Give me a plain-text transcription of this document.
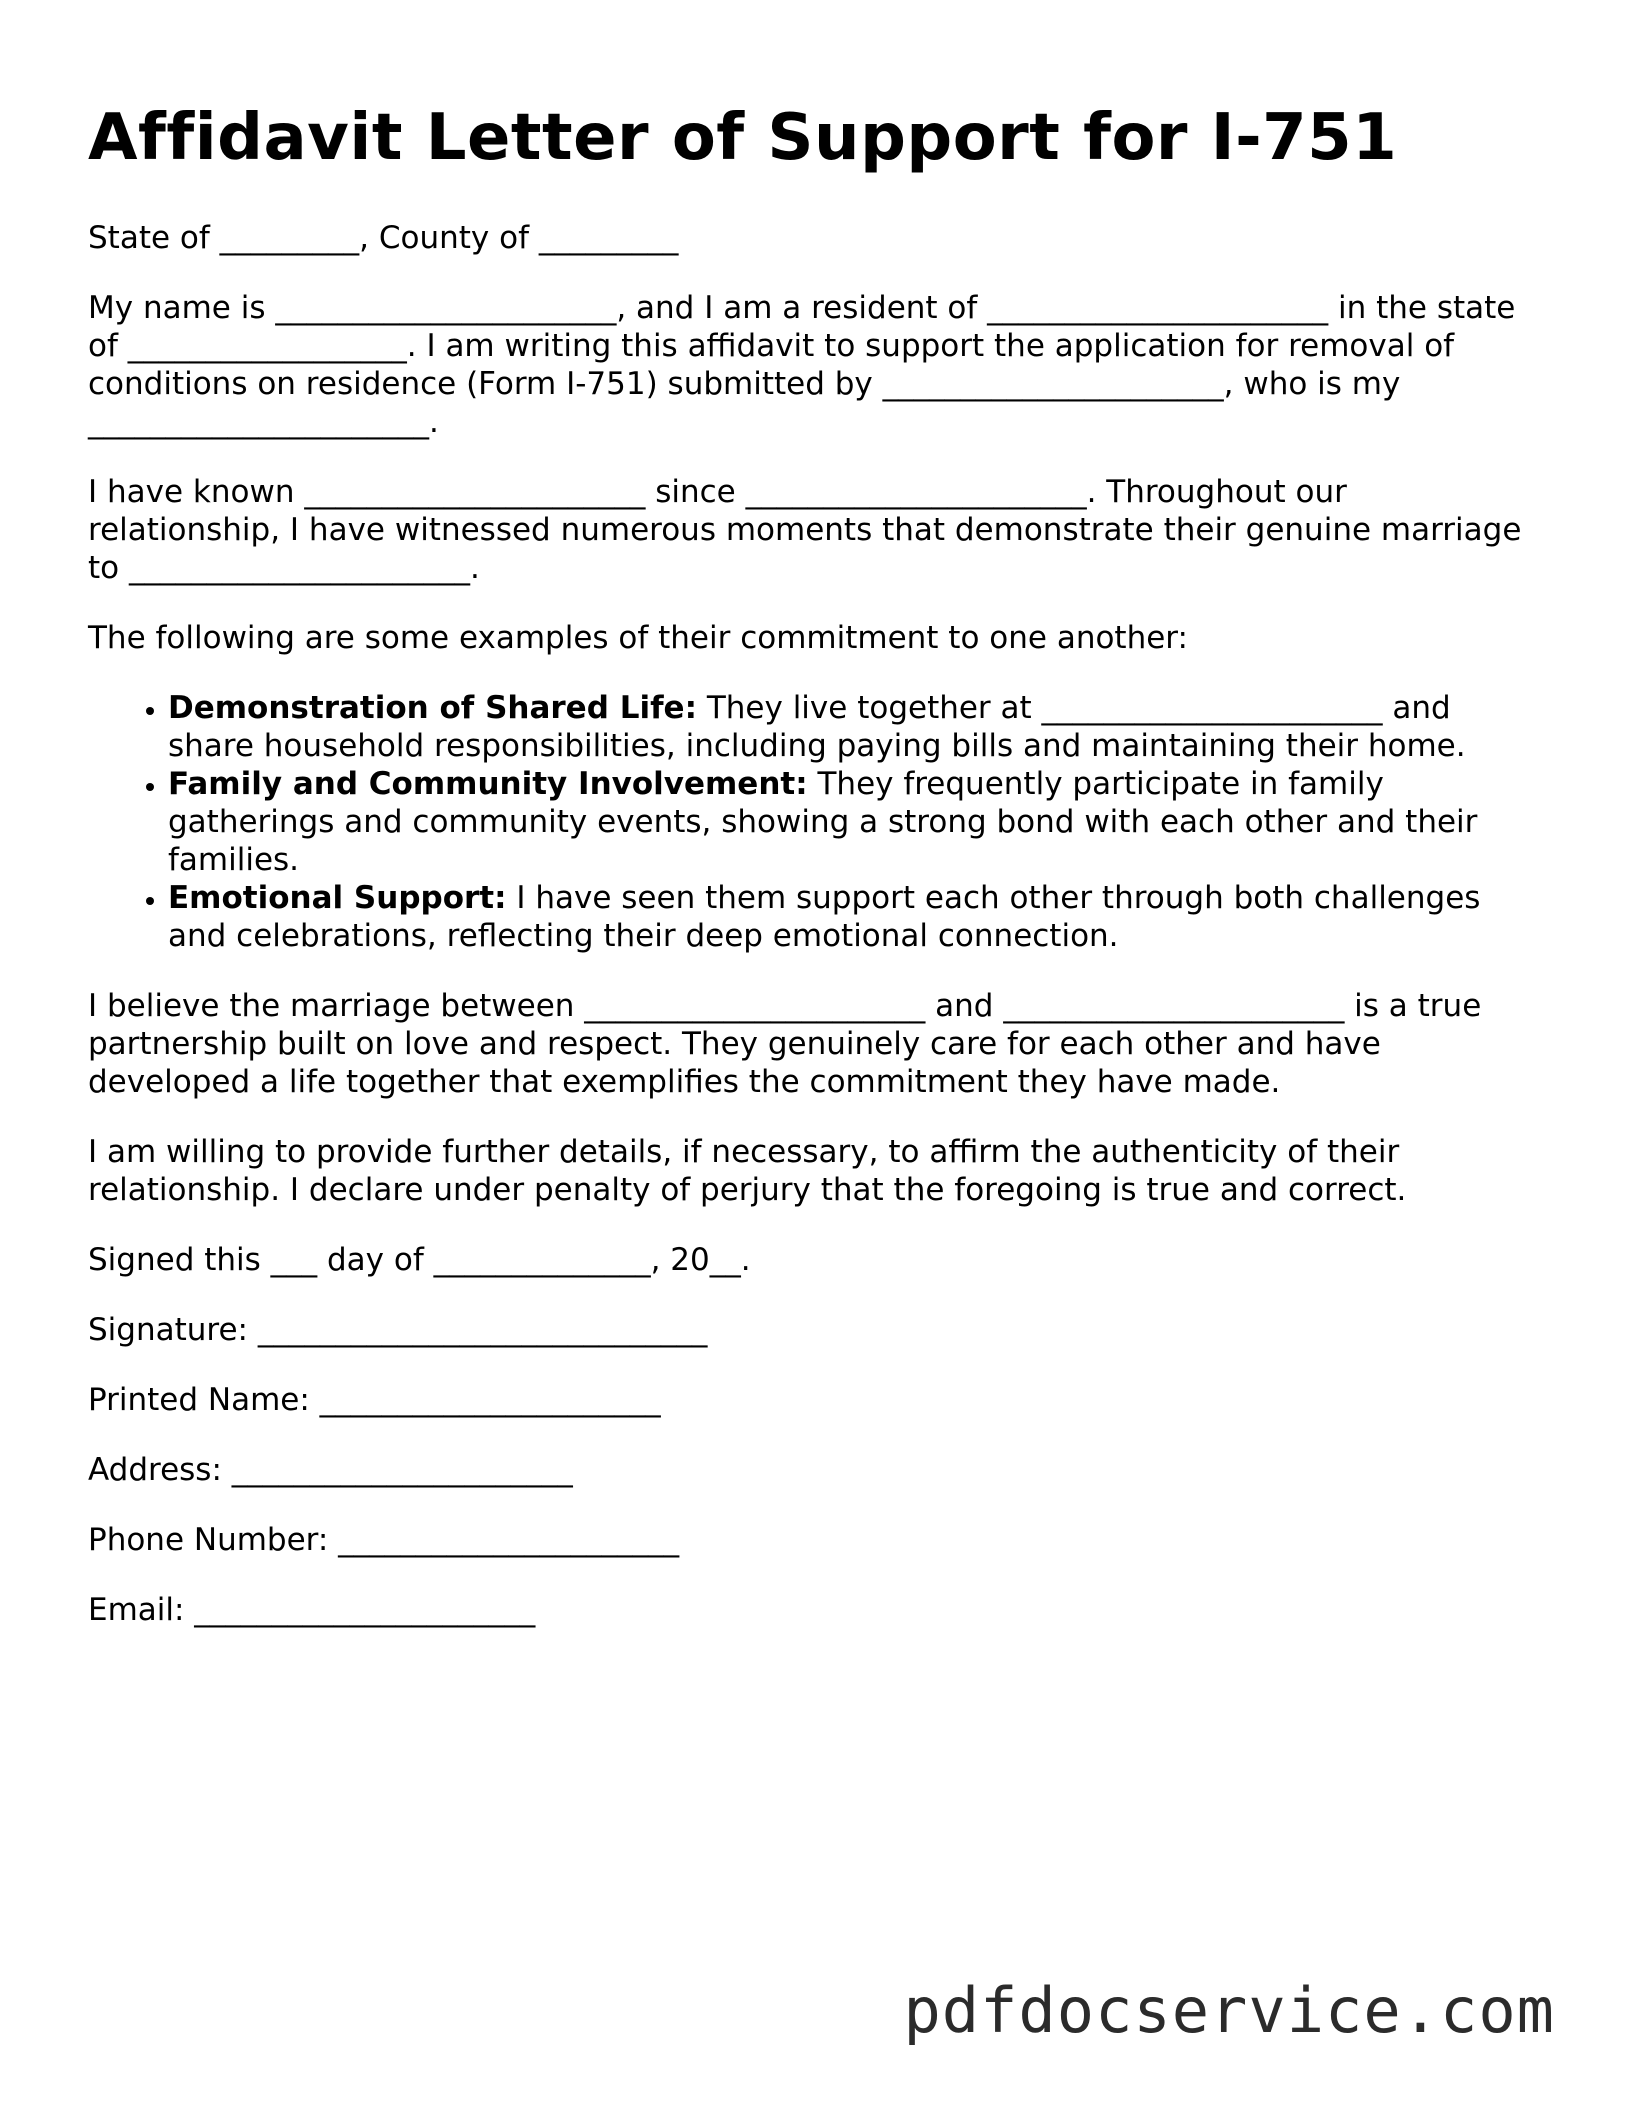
Affidavit Letter of Support for I-751

State of _________, County of _________

My name is ______________________, and I am a resident of ______________________ in the state of __________________. I am writing this affidavit to support the application for removal of conditions on residence (Form I-751) submitted by ______________________, who is my ______________________.

I have known ______________________ since ______________________. Throughout our relationship, I have witnessed numerous moments that demonstrate their genuine marriage to ______________________.

The following are some examples of their commitment to one another:

• Demonstration of Shared Life: They live together at ______________________ and share household responsibilities, including paying bills and maintaining their home.
• Family and Community Involvement: They frequently participate in family gatherings and community events, showing a strong bond with each other and their families.
• Emotional Support: I have seen them support each other through both challenges and celebrations, reflecting their deep emotional connection.

I believe the marriage between ______________________ and ______________________ is a true partnership built on love and respect. They genuinely care for each other and have developed a life together that exemplifies the commitment they have made.

I am willing to provide further details, if necessary, to affirm the authenticity of their relationship. I declare under penalty of perjury that the foregoing is true and correct.

Signed this ___ day of ______________, 20__.

Signature: _____________________________

Printed Name: ______________________

Address: ______________________

Phone Number: ______________________

Email: ______________________

pdfdocservice.com
